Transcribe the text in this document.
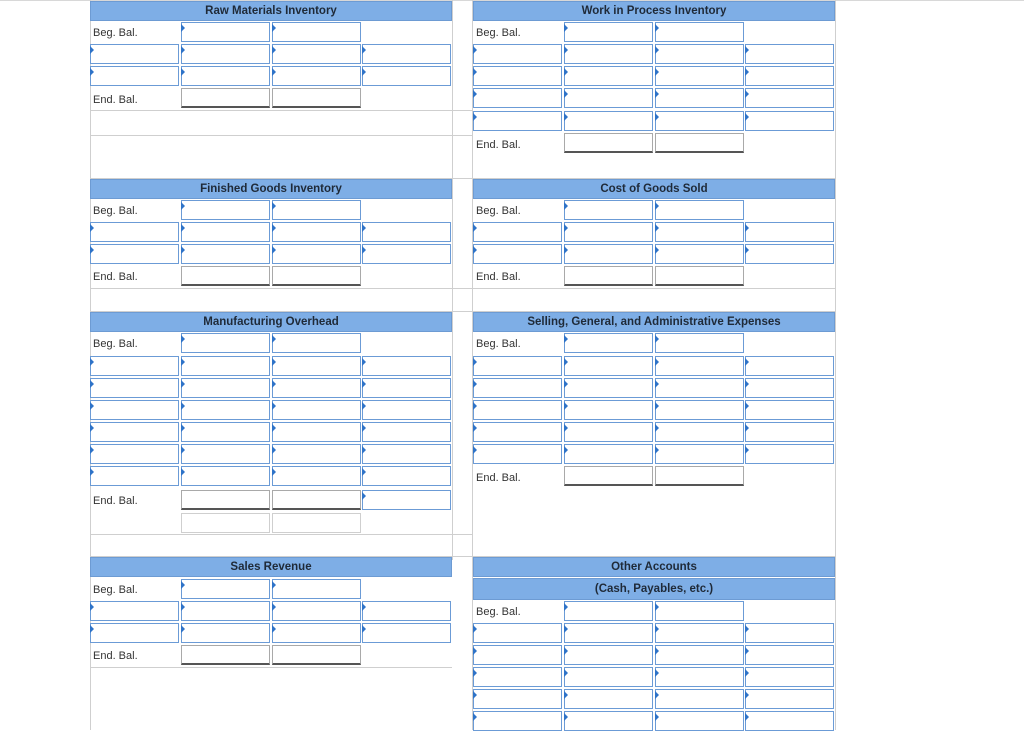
Raw Materials Inventory
Beg. Bal.
End. Bal.
Work in Process Inventory
Beg. Bal.
End. Bal.
Finished Goods Inventory
Beg. Bal.
End. Bal.
Cost of Goods Sold
Beg. Bal.
End. Bal.
Manufacturing Overhead
Beg. Bal.
End. Bal.
Selling, General, and Administrative Expenses
Beg. Bal.
End. Bal.
Sales Revenue
Beg. Bal.
End. Bal.
Other Accounts
(Cash, Payables, etc.)
Beg. Bal.
